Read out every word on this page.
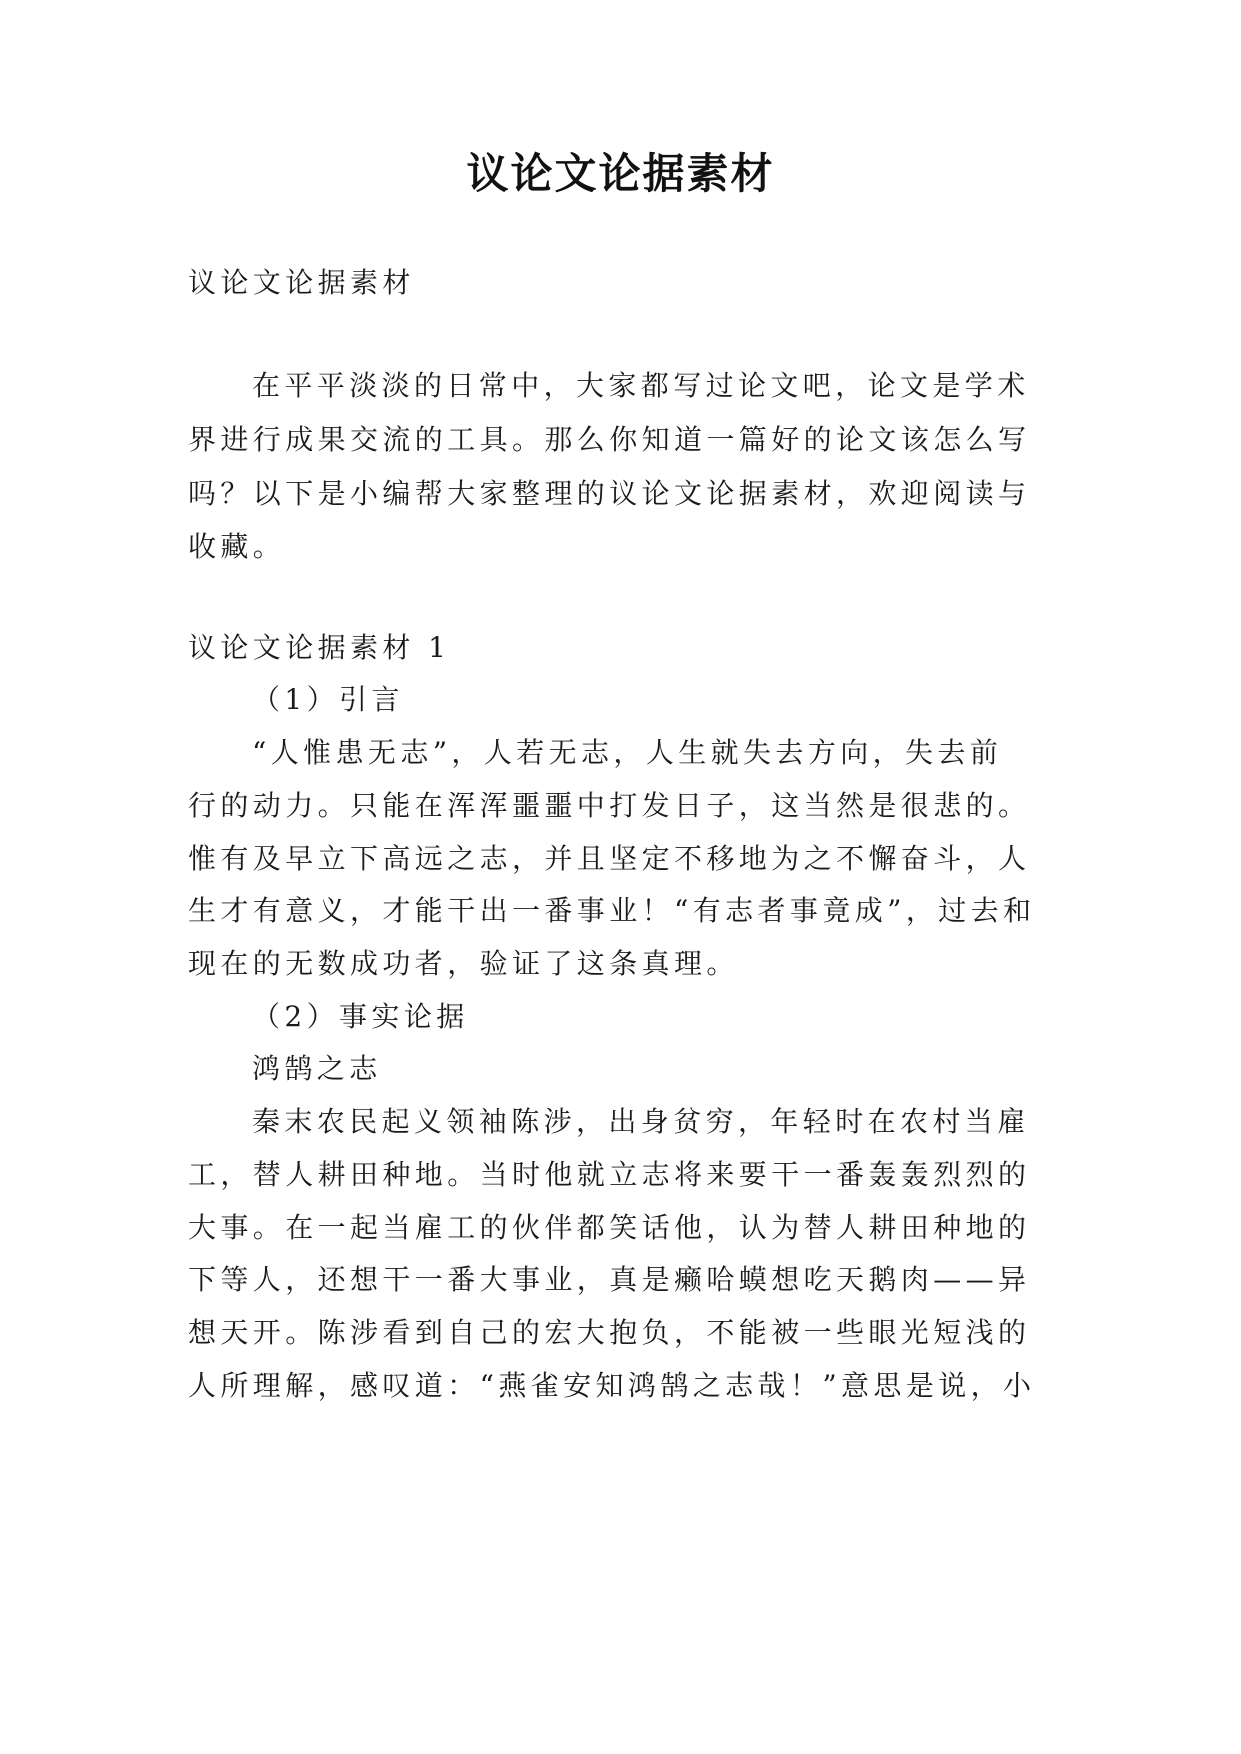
议论文论据素材

议论文论据素材

在平平淡淡的日常中，大家都写过论文吧，论文是学术

界进行成果交流的工具。那么你知道一篇好的论文该怎么写

吗？以下是小编帮大家整理的议论文论据素材，欢迎阅读与

收藏。

议论文论据素材 1

（1）引言

“人惟患无志”，人若无志，人生就失去方向，失去前

行的动力。只能在浑浑噩噩中打发日子，这当然是很悲的。

惟有及早立下高远之志，并且坚定不移地为之不懈奋斗，人

生才有意义，才能干出一番事业！“有志者事竟成”，过去和

现在的无数成功者，验证了这条真理。

（2）事实论据

鸿鹄之志

秦末农民起义领袖陈涉，出身贫穷，年轻时在农村当雇

工，替人耕田种地。当时他就立志将来要干一番轰轰烈烈的

大事。在一起当雇工的伙伴都笑话他，认为替人耕田种地的

下等人，还想干一番大事业，真是癞哈蟆想吃天鹅肉——异

想天开。陈涉看到自己的宏大抱负，不能被一些眼光短浅的

人所理解，感叹道：“燕雀安知鸿鹄之志哉！”意思是说，小
